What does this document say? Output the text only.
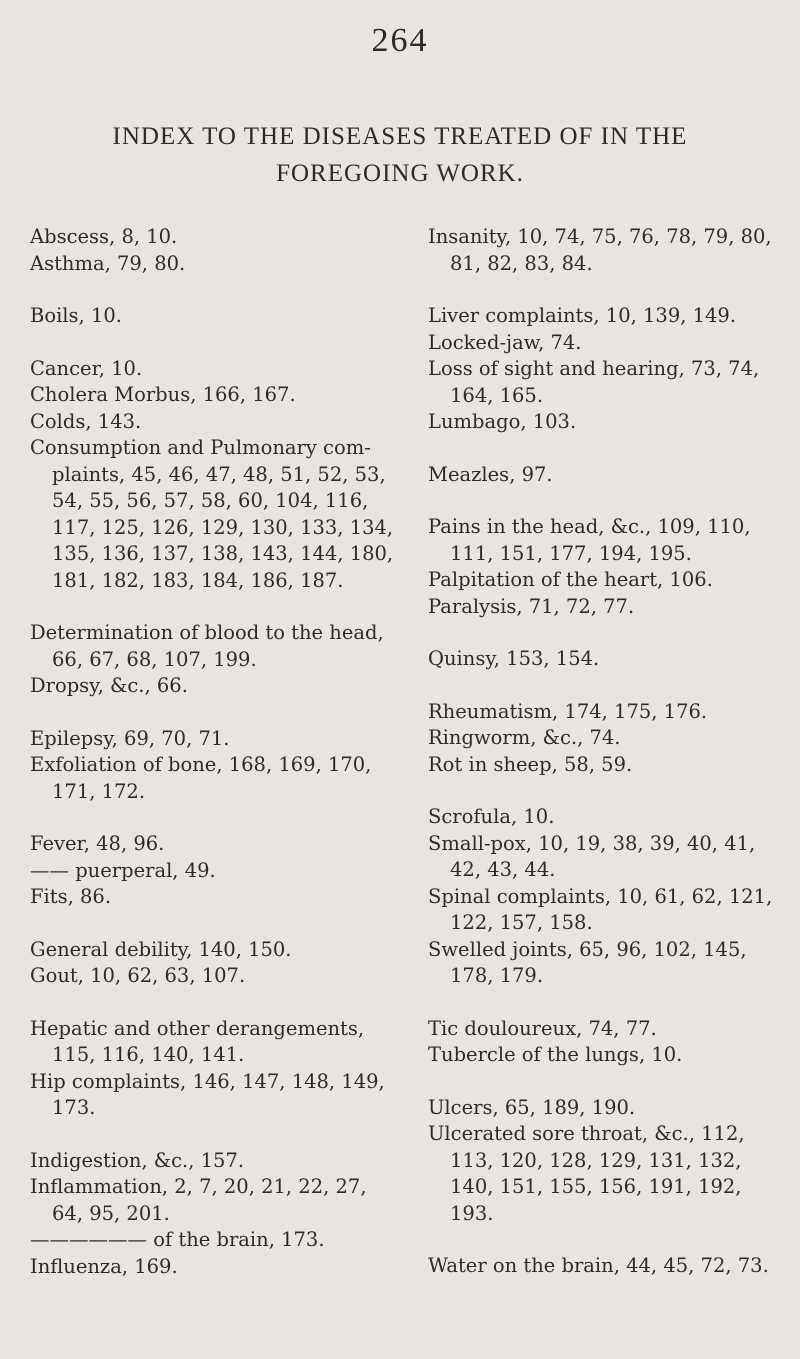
264
INDEX TO THE DISEASES TREATED OF IN THE
FOREGOING WORK.

Abscess, 8, 10.

Asthma, 79, 80.

Boils, 10.

Cancer, 10.

Cholera Morbus, 166, 167.

Colds, 143.

Consumption and Pulmonary com-plaints, 45, 46, 47, 48, 51, 52, 53, 54, 55, 56, 57, 58, 60, 104, 116, 117, 125, 126, 129, 130, 133, 134, 135, 136, 137, 138, 143, 144, 180, 181, 182, 183, 184, 186, 187.

Determination of blood to the head, 66, 67, 68, 107, 199.

Dropsy, &c., 66.

Epilepsy, 69, 70, 71.

Exfoliation of bone, 168, 169, 170, 171, 172.

Fever, 48, 96.

—— puerperal, 49.

Fits, 86.

General debility, 140, 150.

Gout, 10, 62, 63, 107.

Hepatic and other derangements, 115, 116, 140, 141.

Hip complaints, 146, 147, 148, 149, 173.

Indigestion, &c., 157.

Inflammation, 2, 7, 20, 21, 22, 27, 64, 95, 201.

—————— of the brain, 173.

Influenza, 169.

Insanity, 10, 74, 75, 76, 78, 79, 80, 81, 82, 83, 84.

Liver complaints, 10, 139, 149.

Locked-jaw, 74.

Loss of sight and hearing, 73, 74, 164, 165.

Lumbago, 103.

Meazles, 97.

Pains in the head, &c., 109, 110, 111, 151, 177, 194, 195.

Palpitation of the heart, 106.

Paralysis, 71, 72, 77.

Quinsy, 153, 154.

Rheumatism, 174, 175, 176.

Ringworm, &c., 74.

Rot in sheep, 58, 59.

Scrofula, 10.

Small-pox, 10, 19, 38, 39, 40, 41, 42, 43, 44.

Spinal complaints, 10, 61, 62, 121, 122, 157, 158.

Swelled joints, 65, 96, 102, 145, 178, 179.

Tic douloureux, 74, 77.

Tubercle of the lungs, 10.

Ulcers, 65, 189, 190.

Ulcerated sore throat, &c., 112, 113, 120, 128, 129, 131, 132, 140, 151, 155, 156, 191, 192, 193.

Water on the brain, 44, 45, 72, 73.
